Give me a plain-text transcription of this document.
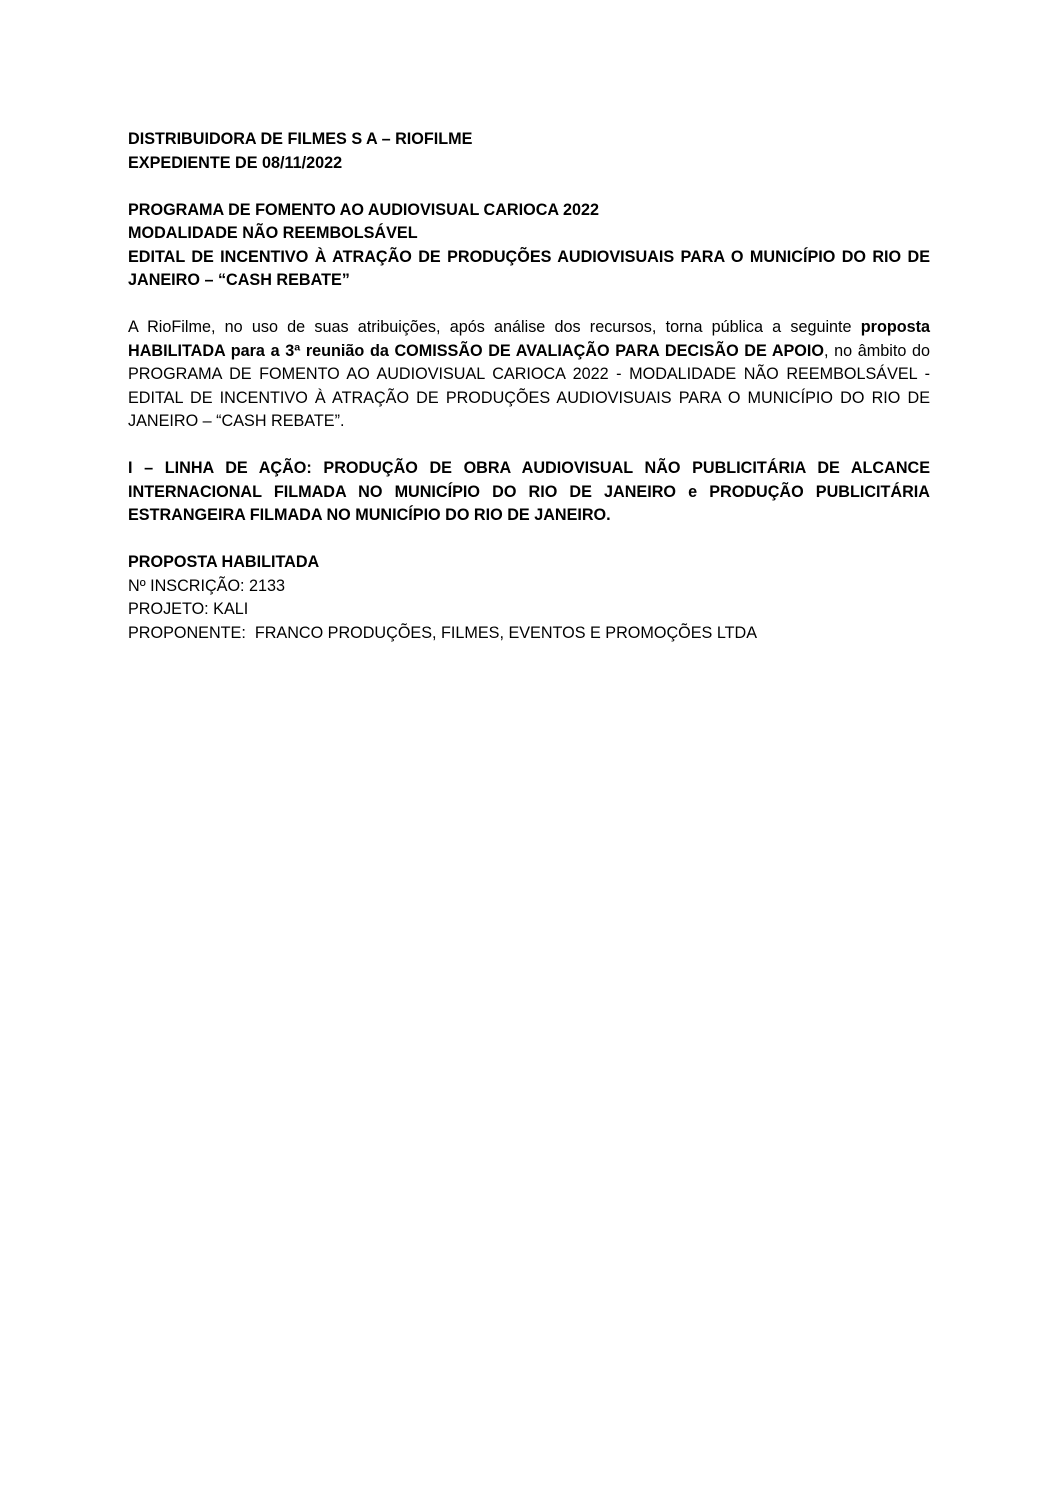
DISTRIBUIDORA DE FILMES S A – RIOFILME
EXPEDIENTE DE 08/11/2022
PROGRAMA DE FOMENTO AO AUDIOVISUAL CARIOCA 2022
MODALIDADE NÃO REEMBOLSÁVEL

EDITAL DE INCENTIVO À ATRAÇÃO DE PRODUÇÕES AUDIOVISUAIS PARA O MUNICÍPIO DO RIO DE JANEIRO – “CASH REBATE”

A RioFilme, no uso de suas atribuições, após análise dos recursos, torna pública a seguinte proposta HABILITADA para a 3ª reunião da COMISSÃO DE AVALIAÇÃO PARA DECISÃO DE APOIO, no âmbito do PROGRAMA DE FOMENTO AO AUDIOVISUAL CARIOCA 2022 - MODALIDADE NÃO REEMBOLSÁVEL - EDITAL DE INCENTIVO À ATRAÇÃO DE PRODUÇÕES AUDIOVISUAIS PARA O MUNICÍPIO DO RIO DE JANEIRO – “CASH REBATE”.

I – LINHA DE AÇÃO: PRODUÇÃO DE OBRA AUDIOVISUAL NÃO PUBLICITÁRIA DE ALCANCE INTERNACIONAL FILMADA NO MUNICÍPIO DO RIO DE JANEIRO e PRODUÇÃO PUBLICITÁRIA ESTRANGEIRA FILMADA NO MUNICÍPIO DO RIO DE JANEIRO.

PROPOSTA HABILITADA
Nº INSCRIÇÃO: 2133
PROJETO: KALI
PROPONENTE:  FRANCO PRODUÇÕES, FILMES, EVENTOS E PROMOÇÕES LTDA
